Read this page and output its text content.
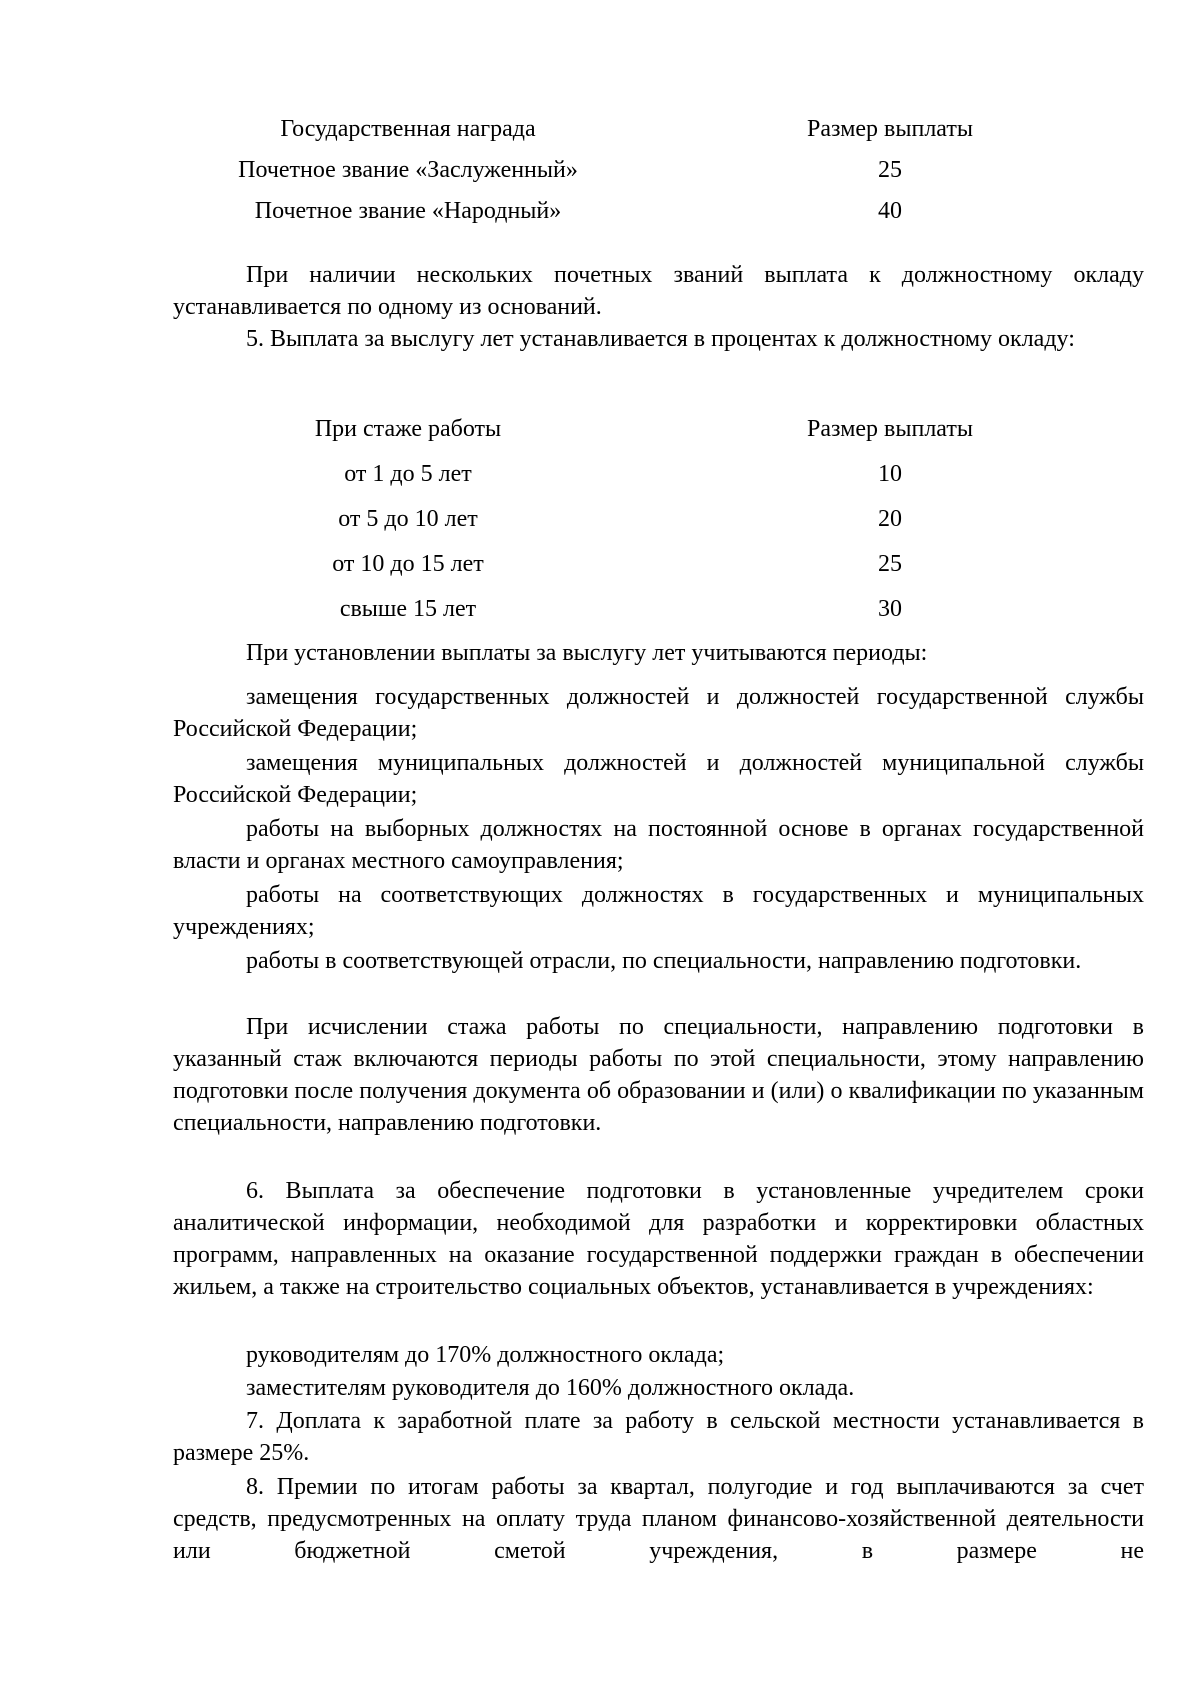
Государственная награда	Размер выплаты
Почетное звание «Заслуженный»	25
Почетное звание «Народный»	40

При наличии нескольких почетных званий выплата к должностному окладу устанавливается по одному из оснований.

5. Выплата за выслугу лет устанавливается в процентах к должностному окладу:

При стаже работы	Размер выплаты
от 1 до 5 лет	10
от 5 до 10 лет	20
от 10 до 15 лет	25
свыше 15 лет	30

При установлении выплаты за выслугу лет учитываются периоды:

замещения государственных должностей и должностей государственной службы Российской Федерации;

замещения муниципальных должностей и должностей муниципальной службы Российской Федерации;

работы на выборных должностях на постоянной основе в органах государственной власти и органах местного самоуправления;

работы на соответствующих должностях в государственных и муниципальных учреждениях;

работы в соответствующей отрасли, по специальности, направлению подготовки.

При исчислении стажа работы по специальности, направлению подготовки в указанный стаж включаются периоды работы по этой специальности, этому направлению подготовки после получения документа об образовании и (или) о квалификации по указанным специальности, направлению подготовки.

6. Выплата за обеспечение подготовки в установленные учредителем сроки аналитической информации, необходимой для разработки и корректировки областных программ, направленных на оказание государственной поддержки граждан в обеспечении жильем, а также на строительство социальных объектов, устанавливается в учреждениях:

руководителям до 170% должностного оклада;

заместителям руководителя до 160% должностного оклада.

7. Доплата к заработной плате за работу в сельской местности устанавливается в размере 25%.

8. Премии по итогам работы за квартал, полугодие и год выплачиваются за счет средств, предусмотренных на оплату труда планом финансово-хозяйственной деятельности или бюджетной сметой учреждения, в размере не
